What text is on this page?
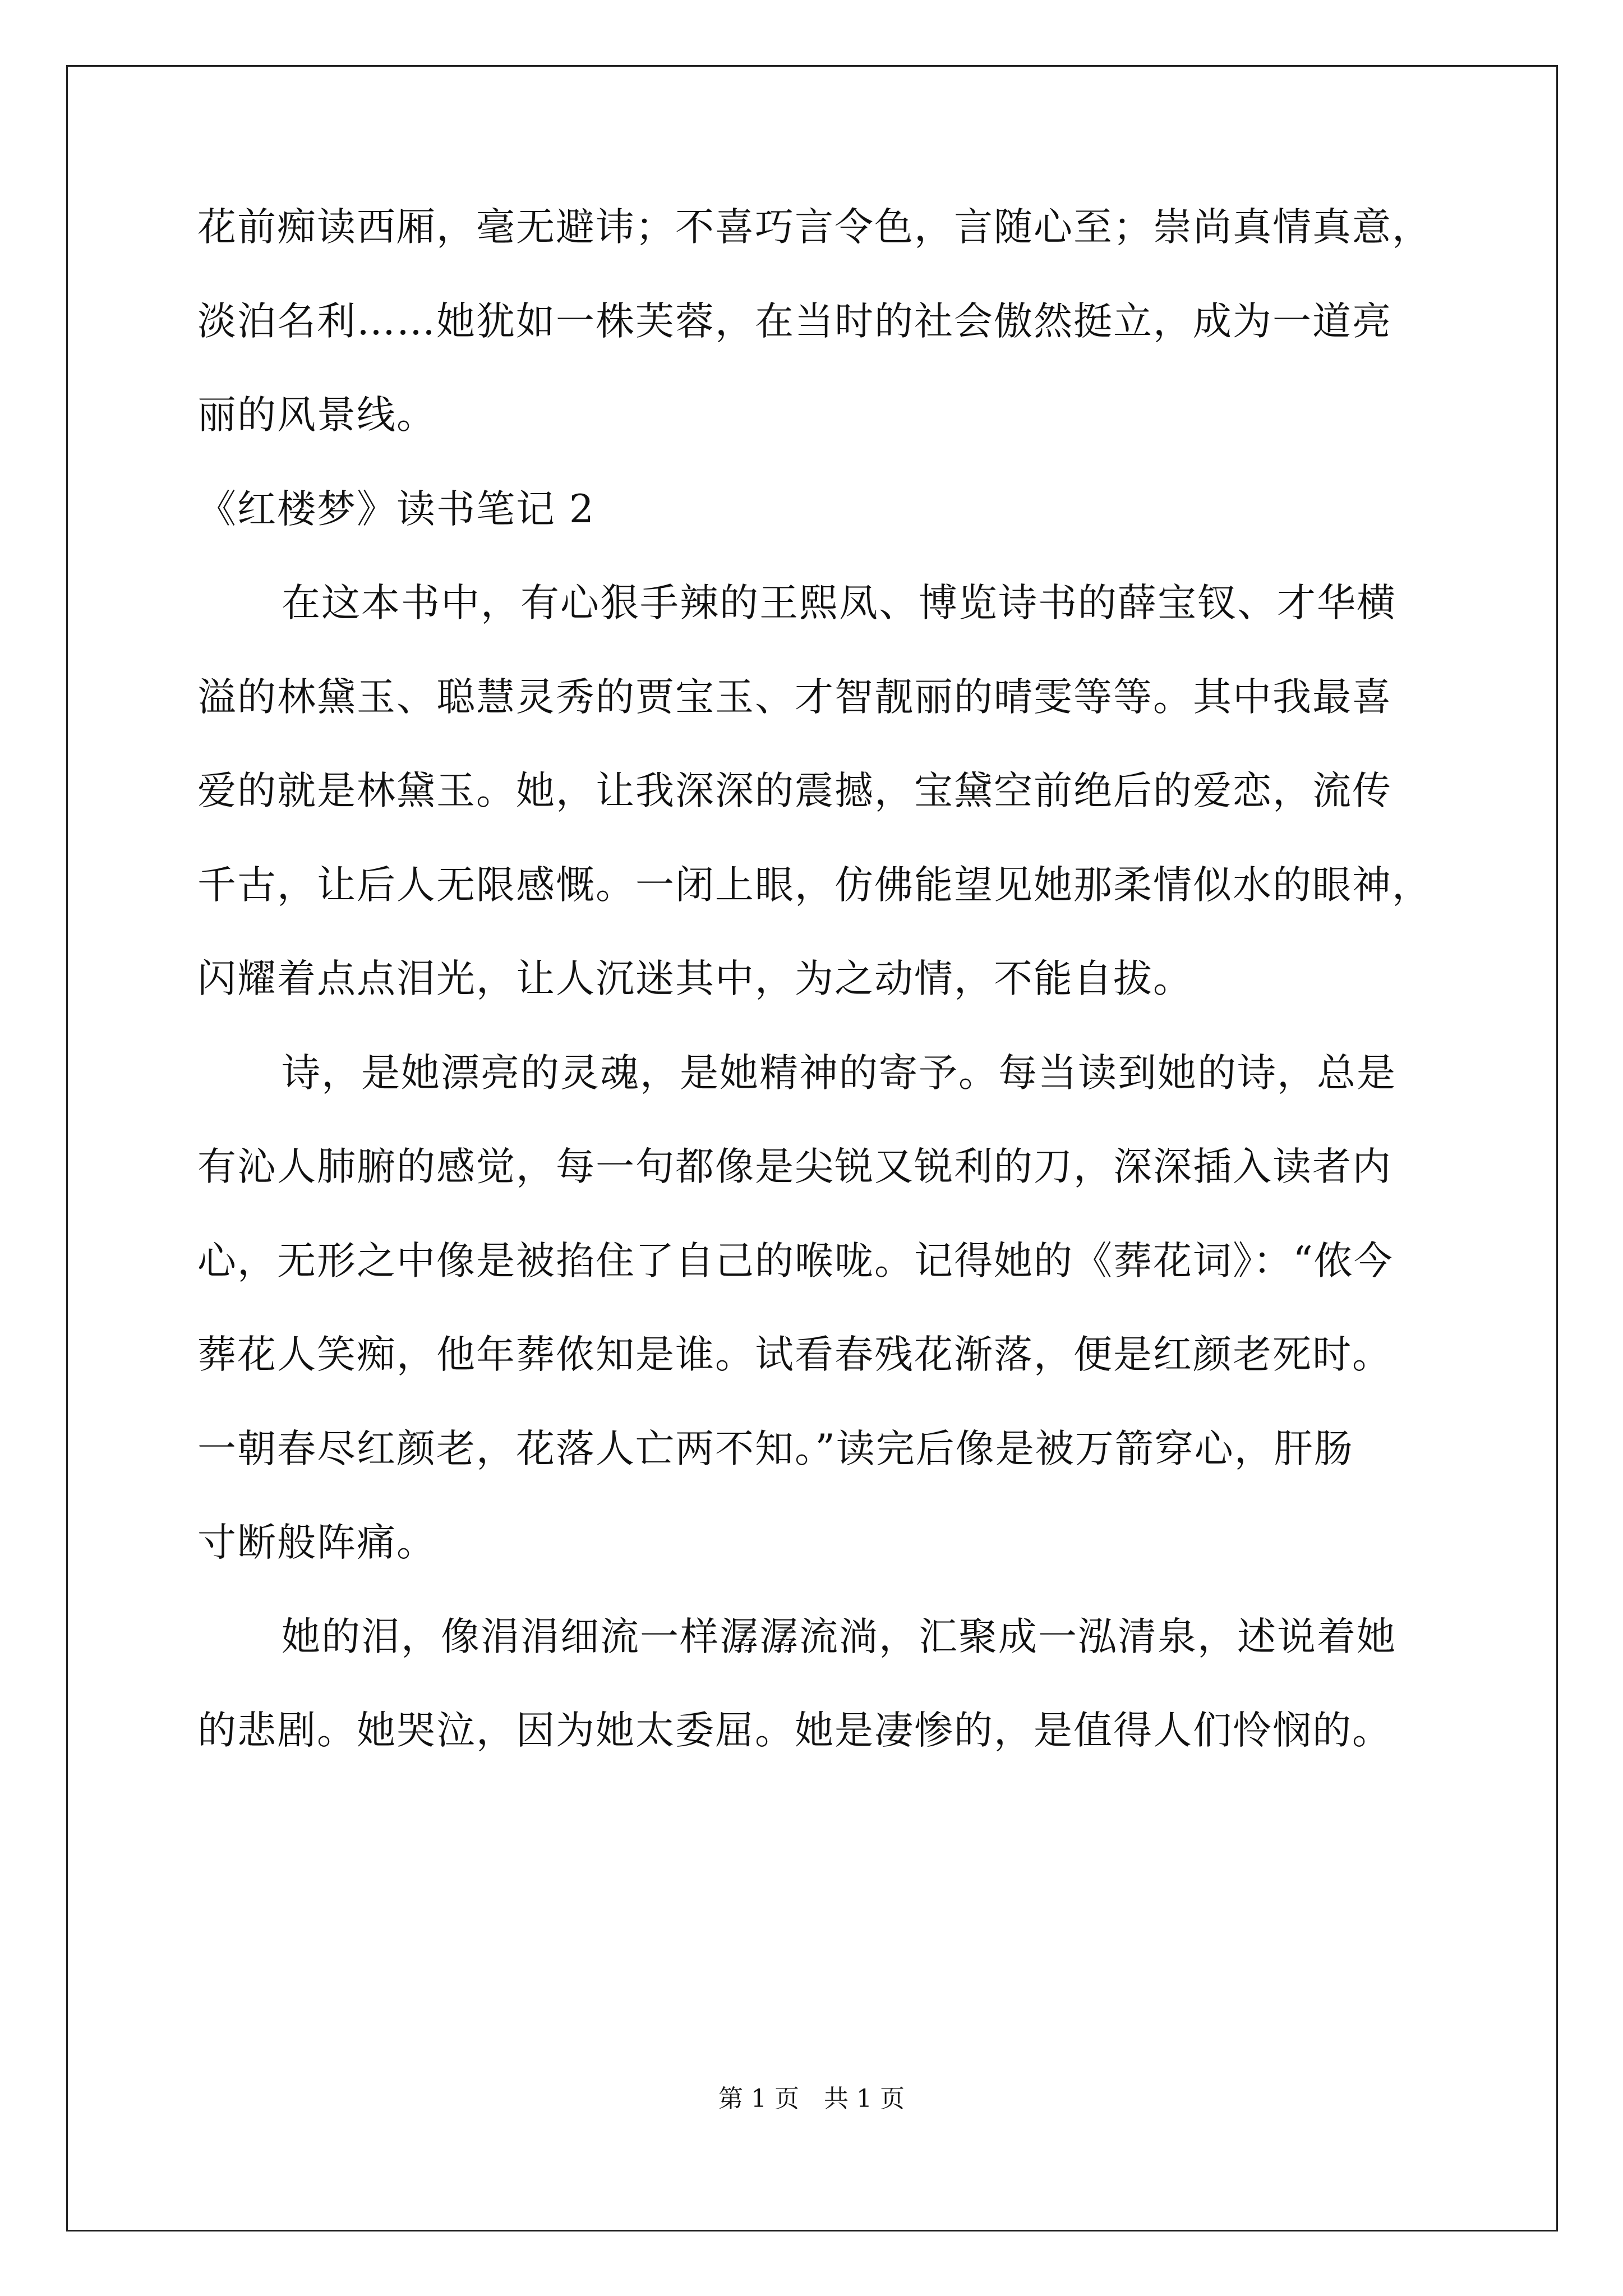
花前痴读西厢，毫无避讳；不喜巧言令色，言随心至；崇尚真情真意，
淡泊名利……她犹如一株芙蓉，在当时的社会傲然挺立，成为一道亮
丽的风景线。
《红楼梦》读书笔记 2
在这本书中，有心狠手辣的王熙凤、博览诗书的薛宝钗、才华横
溢的林黛玉、聪慧灵秀的贾宝玉、才智靓丽的晴雯等等。其中我最喜
爱的就是林黛玉。她，让我深深的震撼，宝黛空前绝后的爱恋，流传
千古，让后人无限感慨。一闭上眼，仿佛能望见她那柔情似水的眼神，
闪耀着点点泪光，让人沉迷其中，为之动情，不能自拔。
诗，是她漂亮的灵魂，是她精神的寄予。每当读到她的诗，总是
有沁人肺腑的感觉，每一句都像是尖锐又锐利的刀，深深插入读者内
心，无形之中像是被掐住了自己的喉咙。记得她的《葬花词》：“侬今
葬花人笑痴，他年葬侬知是谁。试看春残花渐落，便是红颜老死时。
一朝春尽红颜老，花落人亡两不知。”读完后像是被万箭穿心，肝肠
寸断般阵痛。
她的泪，像涓涓细流一样潺潺流淌，汇聚成一泓清泉，述说着她
的悲剧。她哭泣，因为她太委屈。她是凄惨的，是值得人们怜悯的。
第 1 页　共 1 页
